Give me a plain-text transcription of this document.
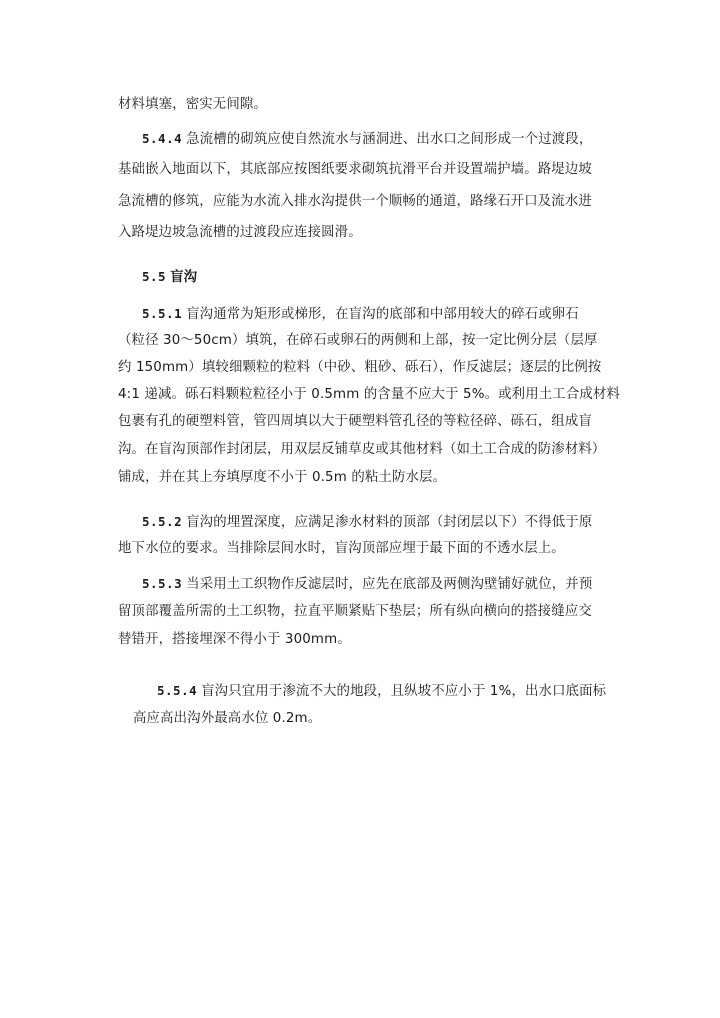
材料填塞，密实无间隙。
5.4.4 急流槽的砌筑应使自然流水与涵洞进、出水口之间形成一个过渡段，
基础嵌入地面以下，其底部应按图纸要求砌筑抗滑平台并设置端护墙。路堤边坡
急流槽的修筑，应能为水流入排水沟提供一个顺畅的通道，路缘石开口及流水进
入路堤边坡急流槽的过渡段应连接圆滑。
5.5 盲沟
5.5.1 盲沟通常为矩形或梯形，在盲沟的底部和中部用较大的碎石或卵石
（粒径 30～50cm）填筑，在碎石或卵石的两侧和上部，按一定比例分层（层厚
约 150mm）填较细颗粒的粒料（中砂、粗砂、砾石），作反滤层；逐层的比例按
4:1 递减。砾石料颗粒粒径小于 0.5mm 的含量不应大于 5%。或利用土工合成材料
包裹有孔的硬塑料管，管四周填以大于硬塑料管孔径的等粒径碎、砾石，组成盲
沟。在盲沟顶部作封闭层，用双层反铺草皮或其他材料（如土工合成的防渗材料）
铺成，并在其上夯填厚度不小于 0.5m 的粘土防水层。
5.5.2 盲沟的埋置深度，应满足渗水材料的顶部（封闭层以下）不得低于原
地下水位的要求。当排除层间水时，盲沟顶部应埋于最下面的不透水层上。
5.5.3 当采用土工织物作反滤层时，应先在底部及两侧沟壁铺好就位，并预
留顶部覆盖所需的土工织物，拉直平顺紧贴下垫层；所有纵向横向的搭接缝应交
替错开，搭接埋深不得小于 300mm。
5.5.4 盲沟只宜用于渗流不大的地段，且纵坡不应小于 1%，出水口底面标
高应高出沟外最高水位 0.2m。
